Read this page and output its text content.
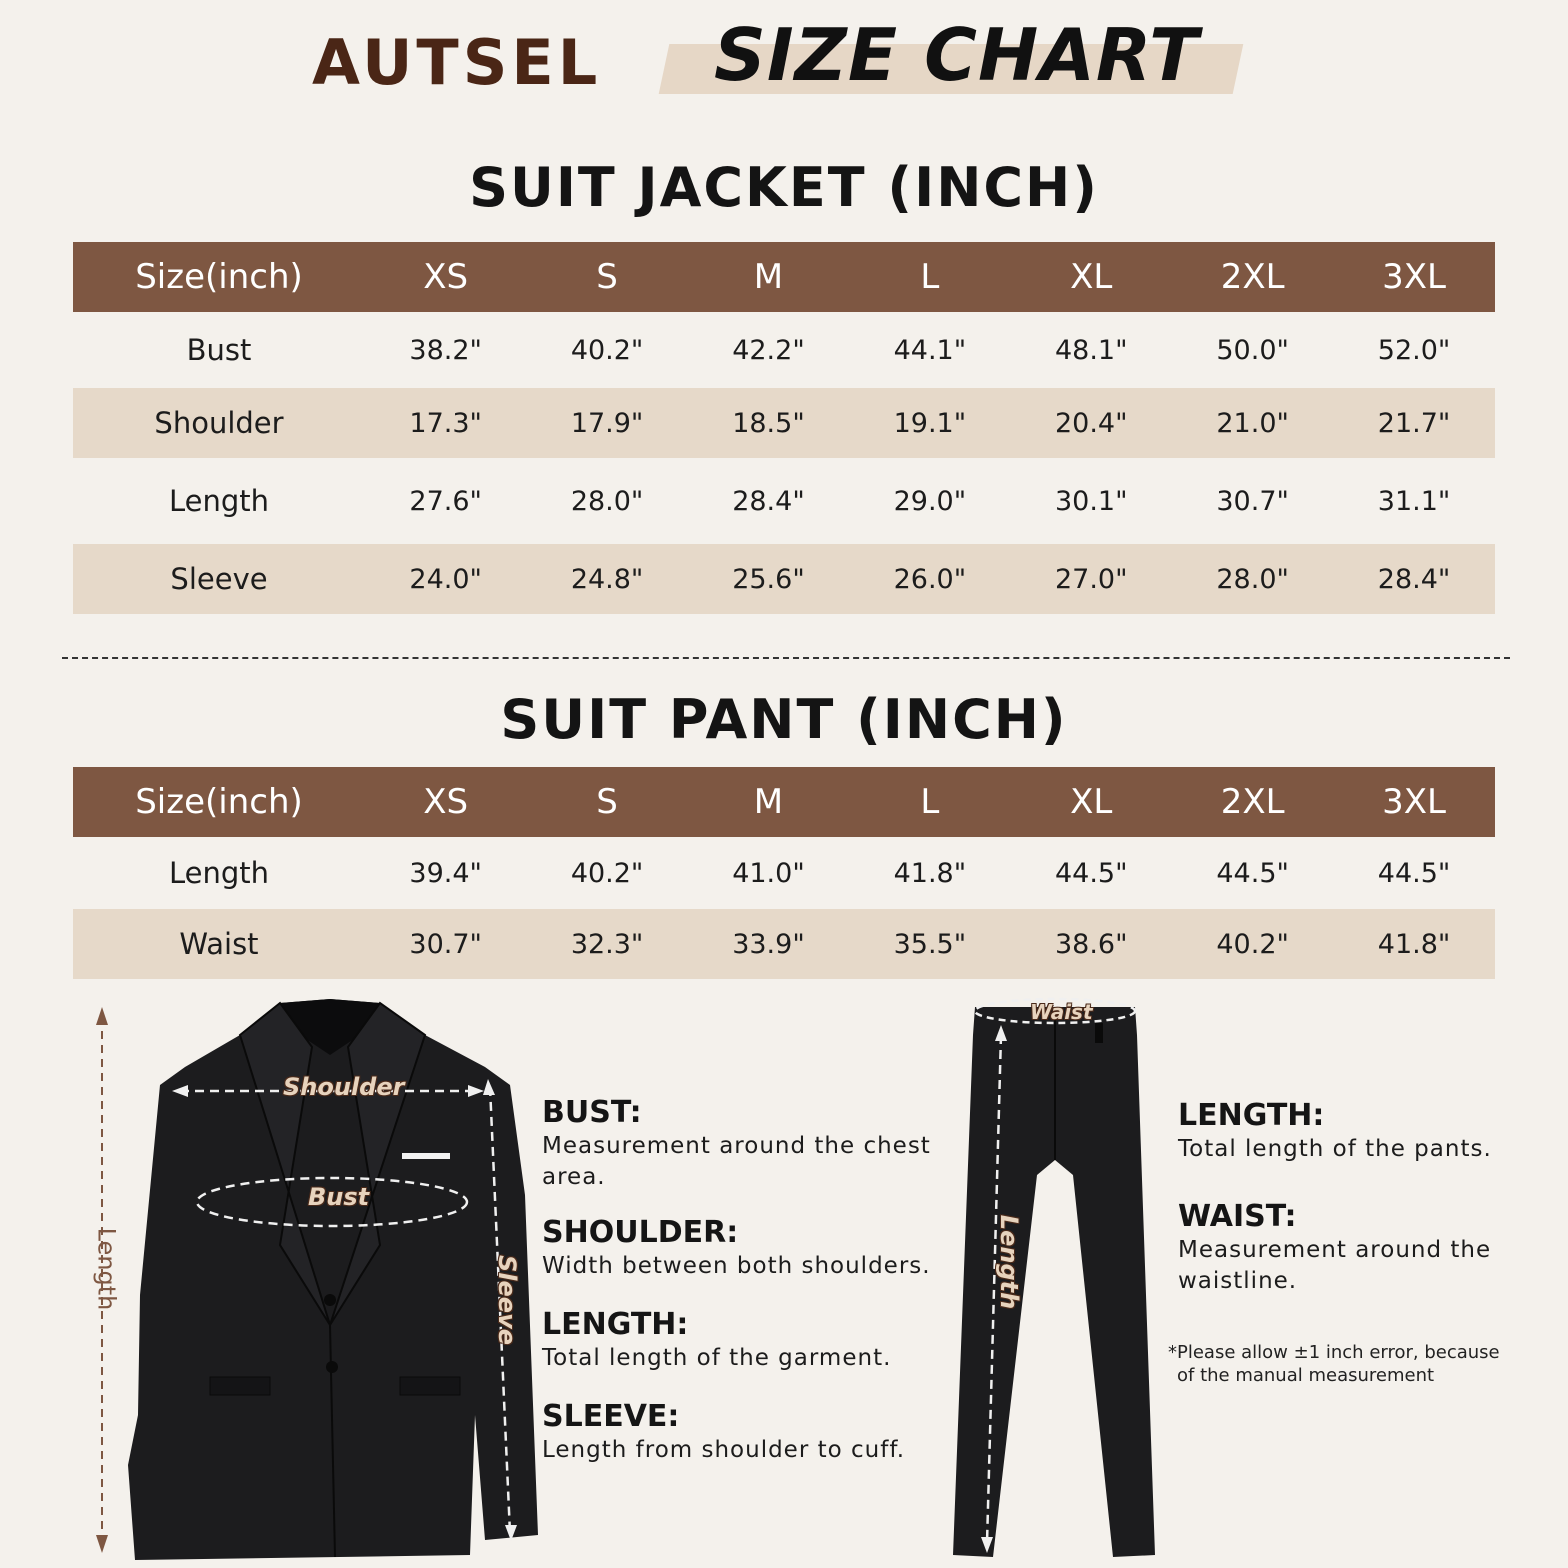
AUTSEL SIZE CHART
SUIT JACKET (INCH)
Size(inch)	XS	S	M	L	XL	2XL	3XL
Bust	38.2"	40.2"	42.2"	44.1"	48.1"	50.0"	52.0"
Shoulder	17.3"	17.9"	18.5"	19.1"	20.4"	21.0"	21.7"
Length	27.6"	28.0"	28.4"	29.0"	30.1"	30.7"	31.1"
Sleeve	24.0"	24.8"	25.6"	26.0"	27.0"	28.0"	28.4"
SUIT PANT (INCH)
Size(inch)	XS	S	M	L	XL	2XL	3XL
Length	39.4"	40.2"	41.0"	41.8"	44.5"	44.5"	44.5"
Waist	30.7"	32.3"	33.9"	35.5"	38.6"	40.2"	41.8"
Shoulder
Bust
Length	Sleeve
BUST:
Measurement around the chest
area.
SHOULDER:
Width between both shoulders.
LENGTH:
Total length of the garment.
SLEEVE:
Length from shoulder to cuff.
Waist
Length
LENGTH:
Total length of the pants.
WAIST:
Measurement around the
waistline.
*Please allow ±1 inch error, because
of the manual measurement
